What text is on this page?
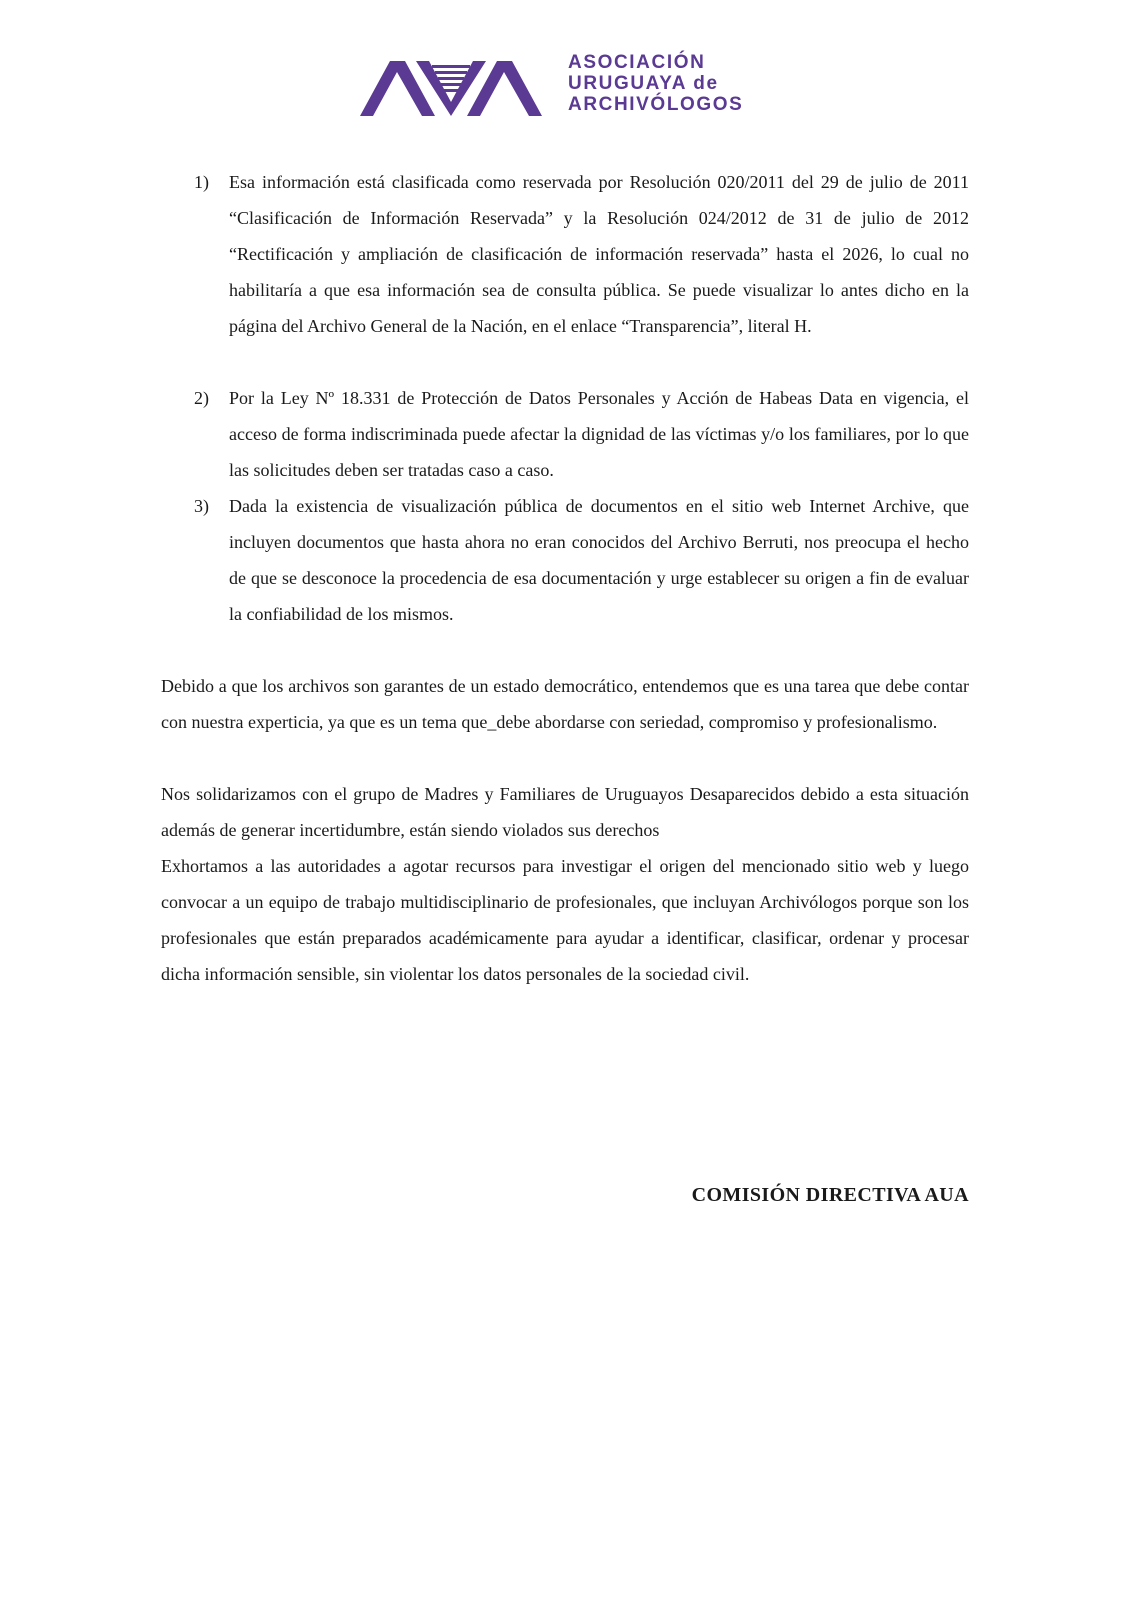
ASOCIACIÓN
URUGUAYA de
ARCHIVÓLOGOS
1) Esa información está clasificada como reservada por Resolución 020/2011 del 29 de julio de 2011 “Clasificación de Información Reservada” y la Resolución 024/2012 de 31 de julio de 2012 “Rectificación y ampliación de clasificación de información reservada” hasta el 2026, lo cual no habilitaría a que esa información sea de consulta pública. Se puede visualizar lo antes dicho en la página del Archivo General de la Nación, en el enlace “Transparencia”, literal H.
2) Por la Ley Nº 18.331 de Protección de Datos Personales y Acción de Habeas Data en vigencia, el acceso de forma indiscriminada puede afectar la dignidad de las víctimas y/o los familiares, por lo que las solicitudes deben ser tratadas caso a caso.
3) Dada la existencia de visualización pública de documentos en el sitio web Internet Archive, que incluyen documentos que hasta ahora no eran conocidos del Archivo Berruti, nos preocupa el hecho de que se desconoce la procedencia de esa documentación y urge establecer su origen a fin de evaluar la confiabilidad de los mismos.

Debido a que los archivos son garantes de un estado democrático, entendemos que es una tarea que debe contar con nuestra experticia, ya que es un tema que_debe abordarse con seriedad, compromiso y profesionalismo.

Nos solidarizamos con el grupo de Madres y Familiares de Uruguayos Desaparecidos debido a esta situación además de generar incertidumbre, están siendo violados sus derechos

Exhortamos a las autoridades a agotar recursos para investigar el origen del mencionado sitio web y luego convocar a un equipo de trabajo multidisciplinario de profesionales, que incluyan Archivólogos porque son los profesionales que están preparados académicamente para ayudar a identificar, clasificar, ordenar y procesar dicha información sensible, sin violentar los datos personales de la sociedad civil.

COMISIÓN DIRECTIVA AUA
